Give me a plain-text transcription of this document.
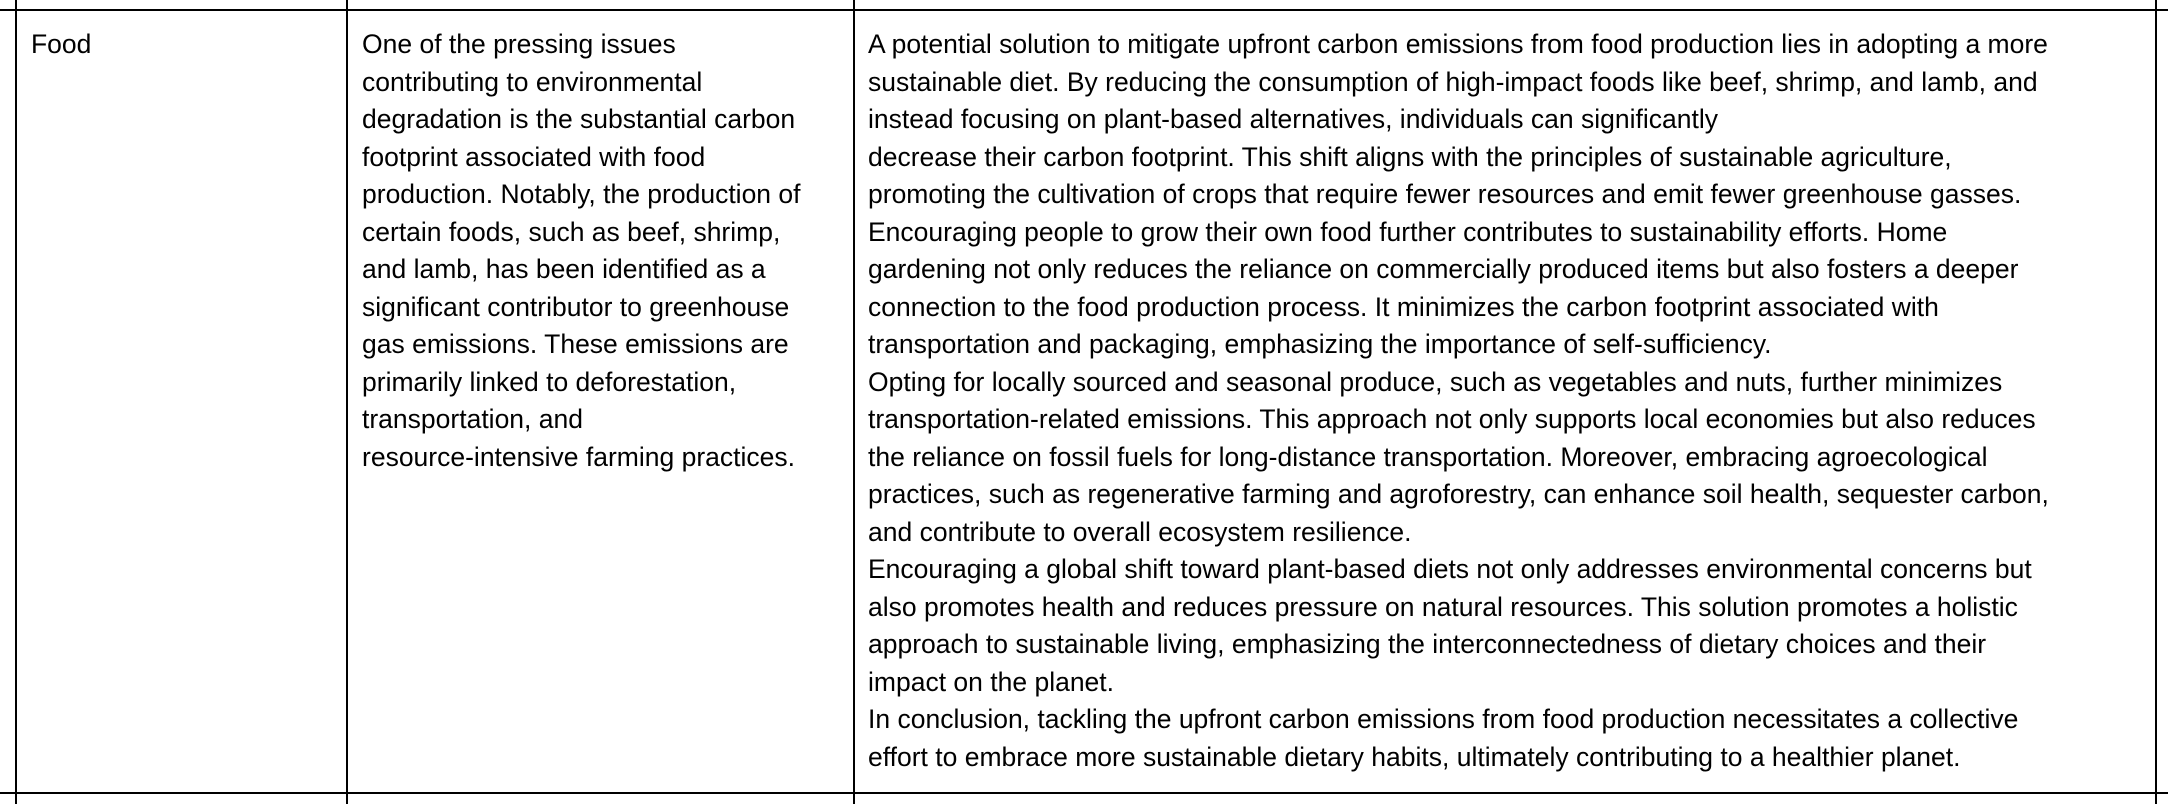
Food	One of the pressing issues
contributing to environmental
degradation is the substantial carbon
footprint associated with food
production. Notably, the production of
certain foods, such as beef, shrimp,
and lamb, has been identified as a
significant contributor to greenhouse
gas emissions. These emissions are
primarily linked to deforestation,
transportation, and
resource-intensive farming practices.
A potential solution to mitigate upfront carbon emissions from food production lies in adopting a more
sustainable diet. By reducing the consumption of high-impact foods like beef, shrimp, and lamb, and
instead focusing on plant-based alternatives, individuals can significantly
decrease their carbon footprint. This shift aligns with the principles of sustainable agriculture,
promoting the cultivation of crops that require fewer resources and emit fewer greenhouse gasses.
Encouraging people to grow their own food further contributes to sustainability efforts. Home
gardening not only reduces the reliance on commercially produced items but also fosters a deeper
connection to the food production process. It minimizes the carbon footprint associated with
transportation and packaging, emphasizing the importance of self-sufficiency.
Opting for locally sourced and seasonal produce, such as vegetables and nuts, further minimizes
transportation-related emissions. This approach not only supports local economies but also reduces
the reliance on fossil fuels for long-distance transportation. Moreover, embracing agroecological
practices, such as regenerative farming and agroforestry, can enhance soil health, sequester carbon,
and contribute to overall ecosystem resilience.
Encouraging a global shift toward plant-based diets not only addresses environmental concerns but
also promotes health and reduces pressure on natural resources. This solution promotes a holistic
approach to sustainable living, emphasizing the interconnectedness of dietary choices and their
impact on the planet.
In conclusion, tackling the upfront carbon emissions from food production necessitates a collective
effort to embrace more sustainable dietary habits, ultimately contributing to a healthier planet.
